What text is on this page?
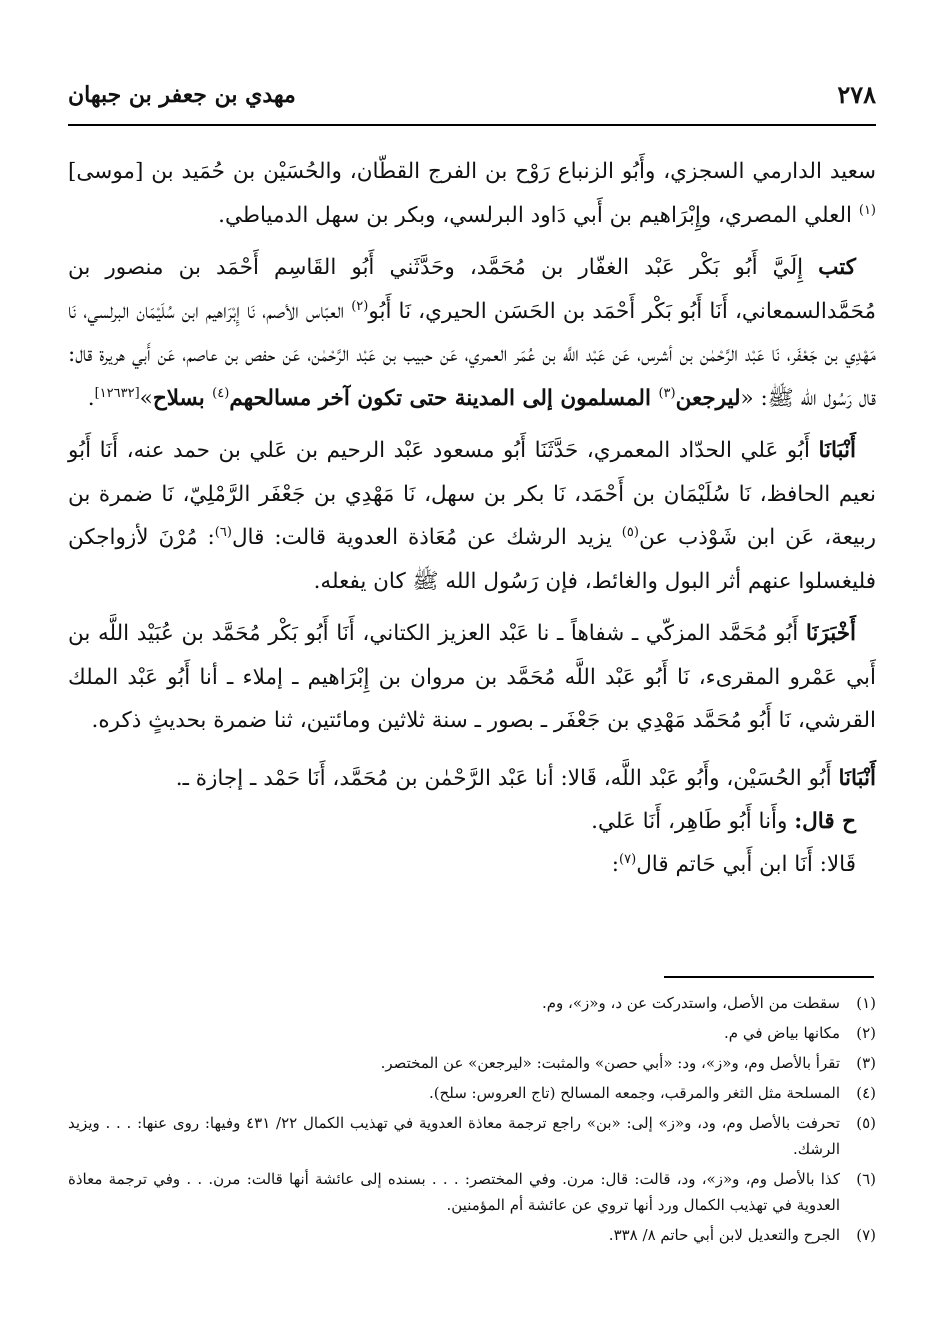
٢٧٨
مهدي بن جعفر بن جبهان

سعيد الدارمي السجزي، وأَبُو الزنباع رَوْح بن الفرج القطّان، والحُسَيْن بن حُمَيد بن [موسى]$^{(١)}$ العلي المصري، وإِبْرَاهيم بن أَبي دَاود البرلسي، وبكر بن سهل الدمياطي.

كتب إِلَيَّ أَبُو بَكْر عَبْد الغفّار بن مُحَمَّد، وحَدَّثَني أَبُو القَاسِم أَحْمَد بن منصور بن مُحَمَّدالسمعاني، أَنَا أَبُو بَكْر أَحْمَد بن الحَسَن الحيري، نَا أَبُو$^{(٢)}$ العبّاس الأصم، نَا إِبْرَاهيم ابن سُلَيْمَان البرلسي، نَا مَهْدِي بن جَعْفَر، نَا عَبْد الرَّحْمٰن بن أشرس، عَن عَبْد اللَّه بن عُمَر العمري، عَن حبيب بن عَبْد الرَّحْمٰن، عَن حفص بن عاصم، عَن أَبي هريرة قال: قال رَسُول الله ﷺ: «ليرجعن$^{(٣)}$ المسلمون إلى المدينة حتى تكون آخر مسالحهم$^{(٤)}$ بسلاح»[١٢٦٣٢].

أَنْبَانَا أَبُو عَلي الحدّاد المعمري، حَدَّثَنَا أَبُو مسعود عَبْد الرحيم بن عَلي بن حمد عنه، أَنَا أَبُو نعيم الحافظ، نَا سُلَيْمَان بن أَحْمَد، نَا بكر بن سهل، نَا مَهْدِي بن جَعْفَر الرَّمْلِيّ، نَا ضمرة بن ربيعة، عَن ابن شَوْذب عن$^{(٥)}$ يزيد الرشك عن مُعَاذة العدوية قالت: قال$^{(٦)}$: مُرْنَ لأزواجكن فليغسلوا عنهم أثر البول والغائط، فإن رَسُول الله ﷺ كان يفعله.

أَخْبَرَنَا أَبُو مُحَمَّد المزكّي ـ شفاهاً ـ نا عَبْد العزيز الكتاني، أَنَا أَبُو بَكْر مُحَمَّد بن عُبَيْد اللَّه بن أَبي عَمْرو المقرىء، نَا أَبُو عَبْد اللَّه مُحَمَّد بن مروان بن إِبْرَاهيم ـ إملاء ـ أنا أَبُو عَبْد الملك القرشي، نَا أَبُو مُحَمَّد مَهْدِي بن جَعْفَر ـ بصور ـ سنة ثلاثين ومائتين، ثنا ضمرة بحديثٍ ذكره.

أَنْبَانَا أَبُو الحُسَيْن، وأَبُو عَبْد اللَّه، قَالا: أنا عَبْد الرَّحْمٰن بن مُحَمَّد، أَنَا حَمْد ـ إجازة ـ.
ح قال: وأَنا أَبُو طَاهِر، أَنَا عَلي.
قَالا: أَنَا ابن أَبي حَاتم قال$^{(٧)}$:
(١)
سقطت من الأصل، واستدركت عن د، و«ز»، وم.
(٢)
مكانها بياض في م.
(٣)
تقرأ بالأصل وم، و«ز»، ود: «أبي حصن» والمثبت: «ليرجعن» عن المختصر.
(٤)
المسلحة مثل الثغر والمرقب، وجمعه المسالح (تاج العروس: سلح).
(٥)
تحرفت بالأصل وم، ود، و«ز» إلى: «بن» راجع ترجمة معاذة العدوية في تهذيب الكمال ٢٢/ ٤٣١ وفيها: روى عنها: . . . ويزيد الرشك.
(٦)
كذا بالأصل وم، و«ز»، ود، قالت: قال: مرن. وفي المختصر: . . . بسنده إلى عائشة أنها قالت: مرن. . . وفي ترجمة معاذة العدوية في تهذيب الكمال ورد أنها تروي عن عائشة أم المؤمنين.
(٧)
الجرح والتعديل لابن أبي حاتم ٨/ ٣٣٨.
